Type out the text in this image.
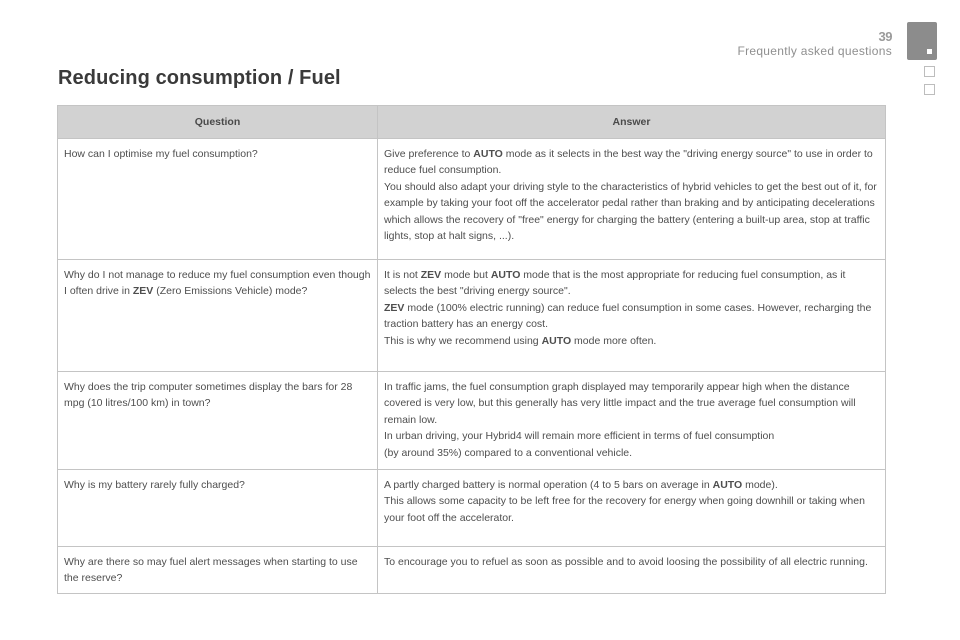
39
Frequently asked questions
Reducing consumption / Fuel
Question	Answer
How can I optimise my fuel consumption?	Give preference to AUTO mode as it selects in the best way the "driving energy source" to use in order to reduce fuel consumption.
You should also adapt your driving style to the characteristics of hybrid vehicles to get the best out of it, for example by taking your foot off the accelerator pedal rather than braking and by anticipating decelerations which allows the recovery of "free" energy for charging the battery (entering a built-up area, stop at traffic lights, stop at halt signs, ...).
Why do I not manage to reduce my fuel consumption even though I often drive in ZEV (Zero Emissions Vehicle) mode?	It is not ZEV mode but AUTO mode that is the most appropriate for reducing fuel consumption, as it selects the best "driving energy source".
ZEV mode (100% electric running) can reduce fuel consumption in some cases. However, recharging the traction battery has an energy cost.
This is why we recommend using AUTO mode more often.
Why does the trip computer sometimes display the bars for 28 mpg (10 litres/100 km) in town?	In traffic jams, the fuel consumption graph displayed may temporarily appear high when the distance covered is very low, but this generally has very little impact and the true average fuel consumption will remain low.
In urban driving, your Hybrid4 will remain more efficient in terms of fuel consumption
(by around 35%) compared to a conventional vehicle.
Why is my battery rarely fully charged?	A partly charged battery is normal operation (4 to 5 bars on average in AUTO mode).
This allows some capacity to be left free for the recovery for energy when going downhill or taking when your foot off the accelerator.
Why are there so may fuel alert messages when starting to use the reserve?	To encourage you to refuel as soon as possible and to avoid loosing the possibility of all electric running.
